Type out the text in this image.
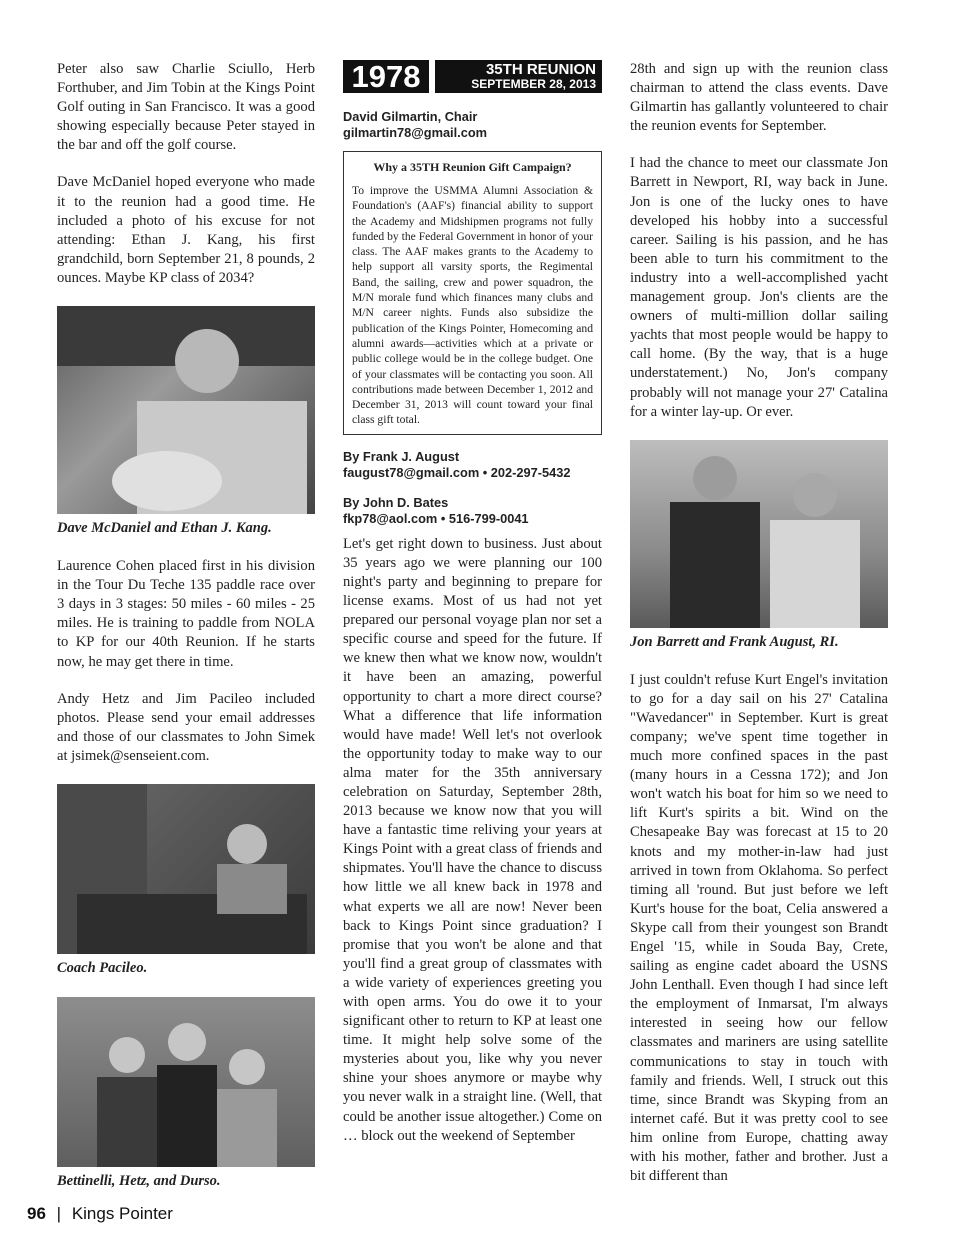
Peter also saw Charlie Sciullo, Herb Forthuber, and Jim Tobin at the Kings Point Golf outing in San Francisco. It was a good showing especially because Peter stayed in the bar and off the golf course.

Dave McDaniel hoped everyone who made it to the reunion had a good time. He included a photo of his excuse for not attending: Ethan J. Kang, his first grandchild, born September 21, 8 pounds, 2 ounces. Maybe KP class of 2034?

Dave McDaniel and Ethan J. Kang.

Laurence Cohen placed first in his division in the Tour Du Teche 135 paddle race over 3 days in 3 stages: 50 miles - 60 miles - 25 miles. He is training to paddle from NOLA to KP for our 40th Reunion. If he starts now, he may get there in time.

Andy Hetz and Jim Pacileo included photos. Please send your email addresses and those of our classmates to John Simek at jsimek@senseient.com.

Coach Pacileo.
Bettinelli, Hetz, and Durso.
1978	35TH REUNION
SEPTEMBER 28, 2013
David Gilmartin, Chair
gilmartin78@gmail.com
Why a 35TH Reunion Gift Campaign?

To improve the USMMA Alumni Association & Foundation's (AAF's) financial ability to support the Academy and Midshipmen programs not fully funded by the Federal Government in honor of your class. The AAF makes grants to the Academy to help support all varsity sports, the Regimental Band, the sailing, crew and power squadron, the M/N morale fund which finances many clubs and M/N career nights. Funds also subsidize the publication of the Kings Pointer, Homecoming and alumni awards—activities which at a private or public college would be in the college budget. One of your classmates will be contacting you soon. All contributions made between December 1, 2012 and December 31, 2013 will count toward your final class gift total.

By Frank J. August
faugust78@gmail.com • 202-297-5432
By John D. Bates
fkp78@aol.com • 516-799-0041

Let's get right down to business. Just about 35 years ago we were planning our 100 night's party and beginning to prepare for license exams. Most of us had not yet prepared our personal voyage plan nor set a specific course and speed for the future. If we knew then what we know now, wouldn't it have been an amazing, powerful opportunity to chart a more direct course? What a difference that life information would have made! Well let's not overlook the opportunity today to make way to our alma mater for the 35th anniversary celebration on Saturday, September 28th, 2013 because we know now that you will have a fantastic time reliving your years at Kings Point with a great class of friends and shipmates. You'll have the chance to discuss how little we all knew back in 1978 and what experts we all are now! Never been back to Kings Point since graduation? I promise that you won't be alone and that you'll find a great group of classmates with a wide variety of experiences greeting you with open arms. You do owe it to your significant other to return to KP at least one time. It might help solve some of the mysteries about you, like why you never shine your shoes anymore or maybe why you never walk in a straight line. (Well, that could be another issue altogether.) Come on … block out the weekend of September

28th and sign up with the reunion class chairman to attend the class events. Dave Gilmartin has gallantly volunteered to chair the reunion events for September.

I had the chance to meet our classmate Jon Barrett in Newport, RI, way back in June. Jon is one of the lucky ones to have developed his hobby into a successful career. Sailing is his passion, and he has been able to turn his commitment to the industry into a well-accomplished yacht management group. Jon's clients are the owners of multi-million dollar sailing yachts that most people would be happy to call home. (By the way, that is a huge understatement.) No, Jon's company probably will not manage your 27' Catalina for a winter lay-up. Or ever.

Jon Barrett and Frank August, RI.

I just couldn't refuse Kurt Engel's invitation to go for a day sail on his 27' Catalina "Wavedancer" in September. Kurt is great company; we've spent time together in much more confined spaces in the past (many hours in a Cessna 172); and Jon won't watch his boat for him so we need to lift Kurt's spirits a bit. Wind on the Chesapeake Bay was forecast at 15 to 20 knots and my mother-in-law had just arrived in town from Oklahoma. So perfect timing all 'round. But just before we left Kurt's house for the boat, Celia answered a Skype call from their youngest son Brandt Engel '15, while in Souda Bay, Crete, sailing as engine cadet aboard the USNS John Lenthall. Even though I had since left the employment of Inmarsat, I'm always interested in seeing how our fellow classmates and mariners are using satellite communications to stay in touch with family and friends. Well, I struck out this time, since Brandt was Skyping from an internet café. But it was pretty cool to see him online from Europe, chatting away with his mother, father and brother. Just a bit different than

96 | Kings Pointer
